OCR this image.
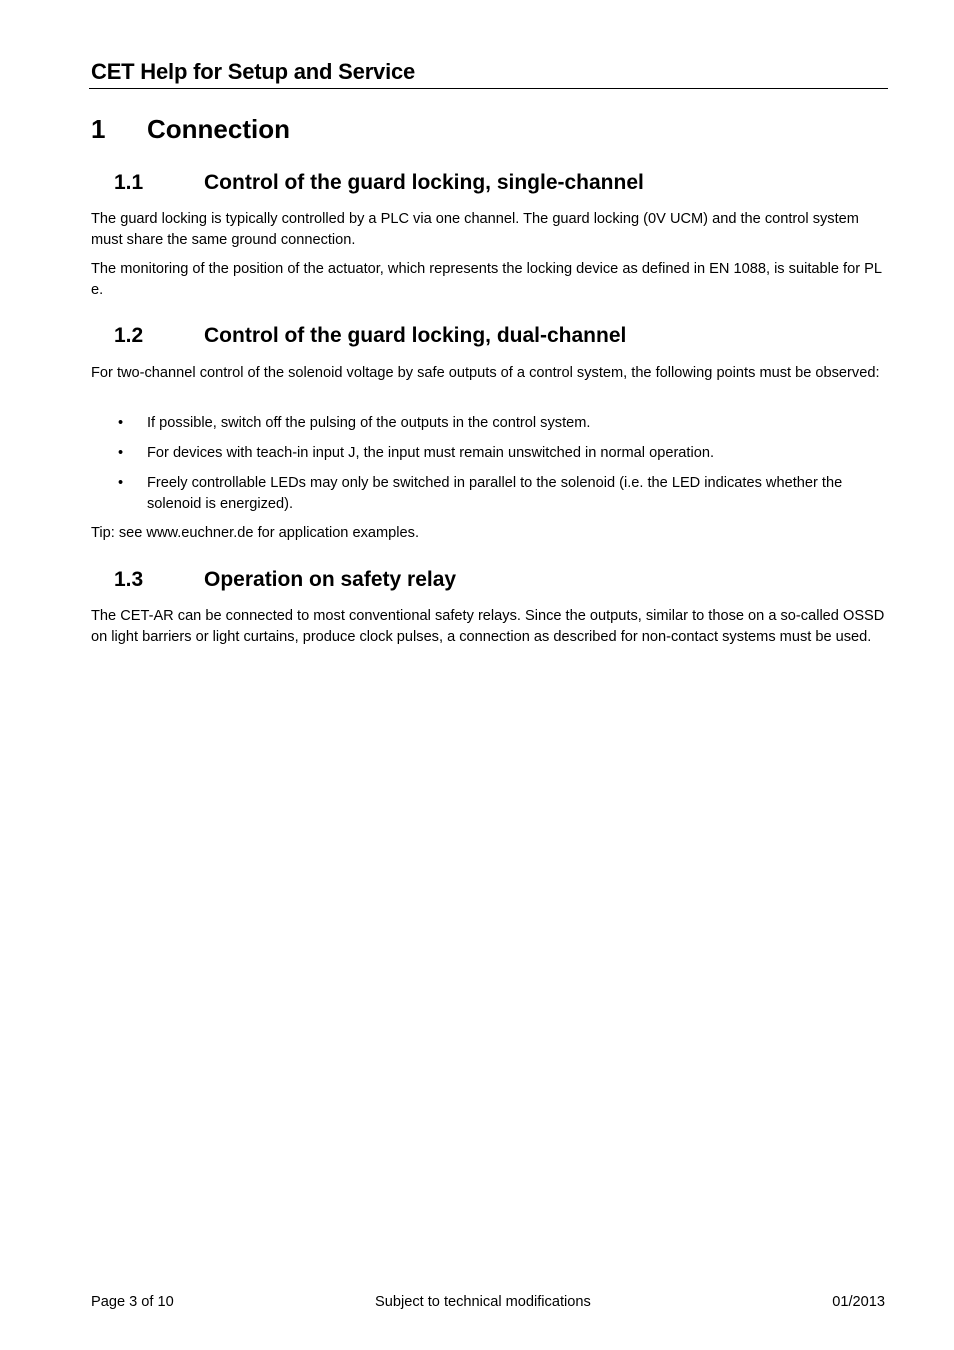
CET Help for Setup and Service
1 Connection
1.1	Control of the guard locking, single-channel
The guard locking is typically controlled by a PLC via one channel. The guard locking (0V UCM) and the control system must share the same ground connection.
The monitoring of the position of the actuator, which represents the locking device as defined in EN 1088, is suitable for PL e.
1.2	Control of the guard locking, dual-channel
For two-channel control of the solenoid voltage by safe outputs of a control system, the following points must be observed:
•	If possible, switch off the pulsing of the outputs in the control system.
•	For devices with teach-in input J, the input must remain unswitched in normal operation.
•	Freely controllable LEDs may only be switched in parallel to the solenoid (i.e. the LED indicates whether the solenoid is energized).
Tip: see www.euchner.de for application examples.
1.3	Operation on safety relay
The CET-AR can be connected to most conventional safety relays. Since the outputs, similar to those on a so-called OSSD on light barriers or light curtains, produce clock pulses, a connection as described for non-contact systems must be used.
Page 3 of 10	Subject to technical modifications	01/2013
